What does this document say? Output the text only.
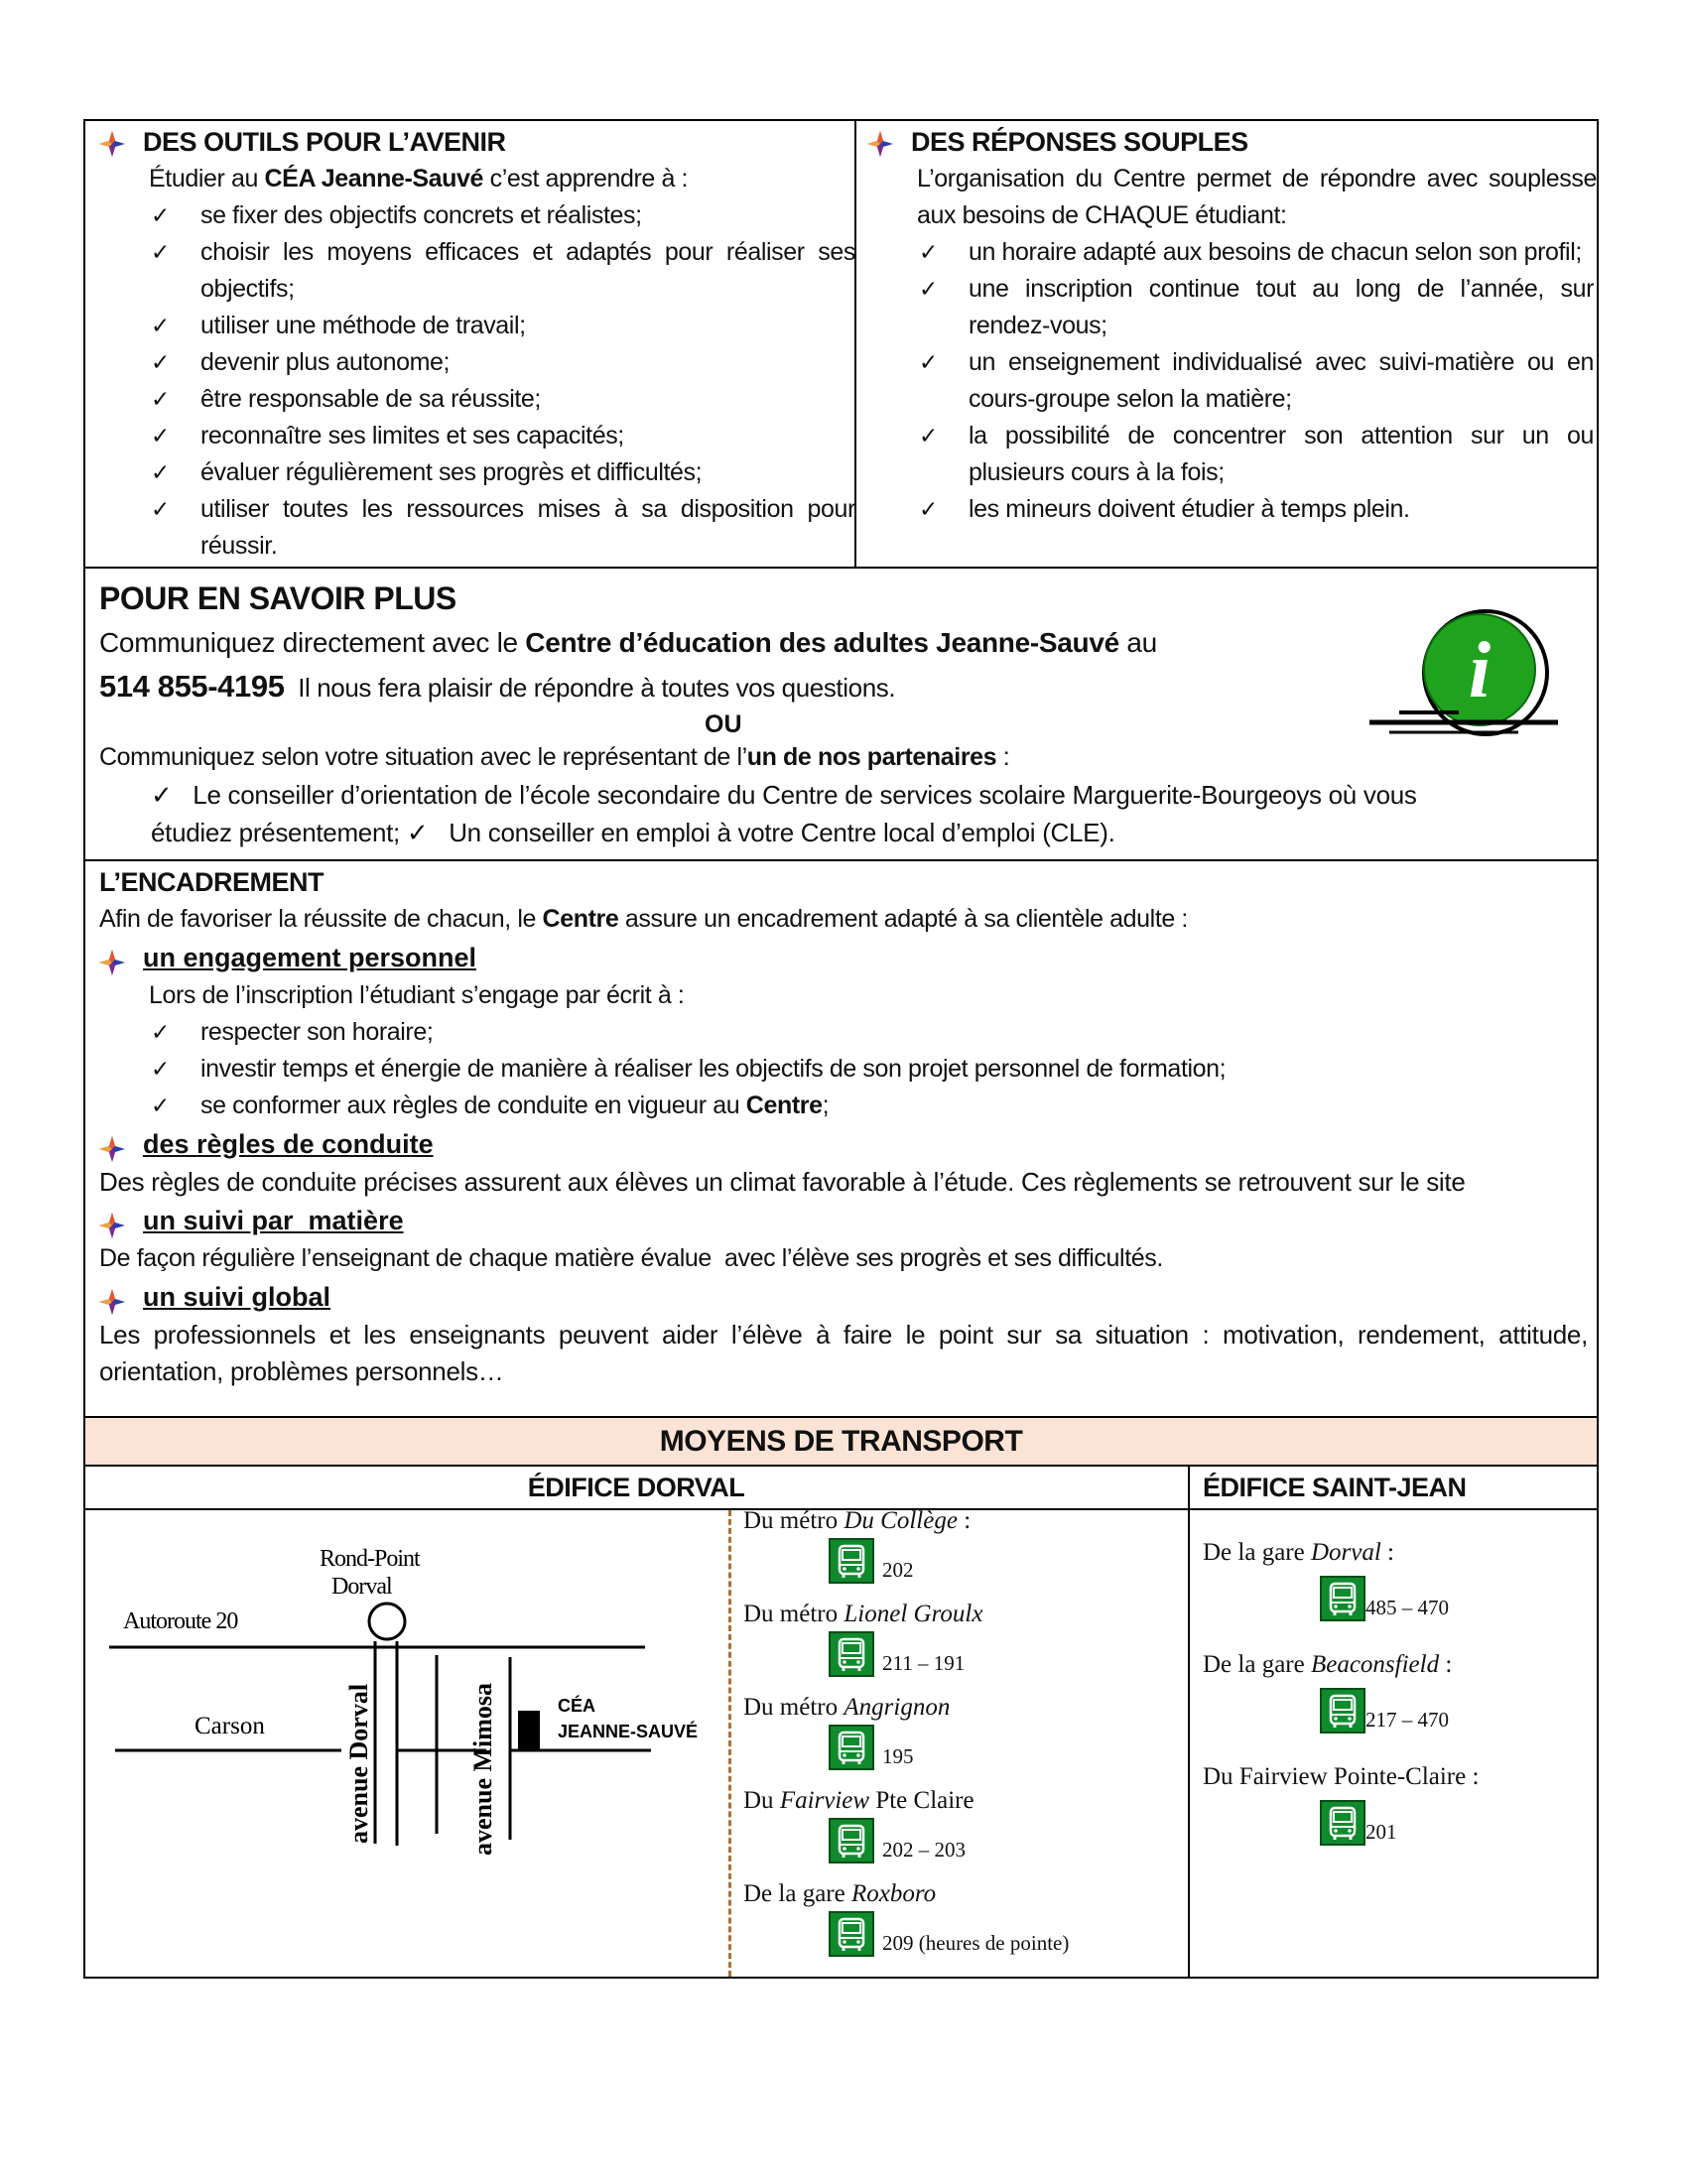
DES OUTILS POUR L’AVENIR
Étudier au CÉA Jeanne-Sauvé c’est apprendre à :
✓ se fixer des objectifs concrets et réalistes;
✓ choisir les moyens efficaces et adaptés pour réaliser ses objectifs;
✓ utiliser une méthode de travail;
✓ devenir plus autonome;
✓ être responsable de sa réussite;
✓ reconnaître ses limites et ses capacités;
✓ évaluer régulièrement ses progrès et difficultés;
✓ utiliser toutes les ressources mises à sa disposition pour réussir.
DES RÉPONSES SOUPLES
L’organisation du Centre permet de répondre avec souplesse aux besoins de CHAQUE étudiant:
✓ un horaire adapté aux besoins de chacun selon son profil;
✓ une inscription continue tout au long de l’année, sur rendez-vous;
✓ un enseignement individualisé avec suivi-matière ou en cours-groupe selon la matière;
✓ la possibilité de concentrer son attention sur un ou plusieurs cours à la fois;
✓ les mineurs doivent étudier à temps plein.
POUR EN SAVOIR PLUS
Communiquez directement avec le Centre d’éducation des adultes Jeanne-Sauvé au
514 855-4195 Il nous fera plaisir de répondre à toutes vos questions.
OU
Communiquez selon votre situation avec le représentant de l’un de nos partenaires :
✓ Le conseiller d’orientation de l’école secondaire du Centre de services scolaire Marguerite-Bourgeoys où vous
étudiez présentement; ✓ Un conseiller en emploi à votre Centre local d’emploi (CLE).
i
L’ENCADREMENT
Afin de favoriser la réussite de chacun, le Centre assure un encadrement adapté à sa clientèle adulte :
un engagement personnel
Lors de l’inscription l’étudiant s’engage par écrit à :
✓ respecter son horaire;
✓ investir temps et énergie de manière à réaliser les objectifs de son projet personnel de formation;
✓ se conformer aux règles de conduite en vigueur au Centre;
des règles de conduite
Des règles de conduite précises assurent aux élèves un climat favorable à l’étude. Ces règlements se retrouvent sur le site
un suivi par  matière
De façon régulière l’enseignant de chaque matière évalue  avec l’élève ses progrès et ses difficultés.
un suivi global
Les professionnels et les enseignants peuvent aider l’élève à faire le point sur sa situation : motivation, rendement, attitude, orientation, problèmes personnels…
MOYENS DE TRANSPORT
ÉDIFICE DORVAL	ÉDIFICE SAINT-JEAN
Rond-Point
Dorval
Autoroute 20
Carson	avenue Dorval	avenue Mimosa	CÉA
JEANNE-SAUVÉ
Du métro Du Collège :
202
Du métro Lionel Groulx
211 – 191
Du métro Angrignon
195
Du Fairview Pte Claire
202 – 203
De la gare Roxboro
209 (heures de pointe)
De la gare Dorval :
485 – 470
De la gare Beaconsfield :
217 – 470
Du Fairview Pointe-Claire :
201
